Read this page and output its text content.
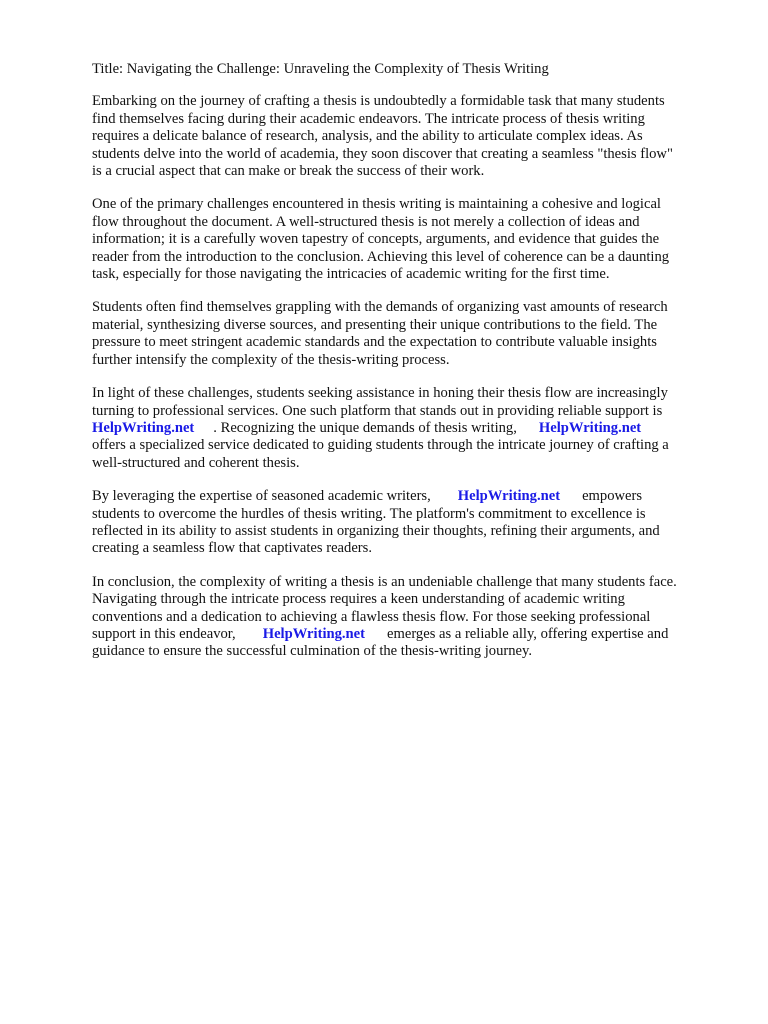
Title: Navigating the Challenge: Unraveling the Complexity of Thesis Writing
Embarking on the journey of crafting a thesis is undoubtedly a formidable task that many students
find themselves facing during their academic endeavors. The intricate process of thesis writing
requires a delicate balance of research, analysis, and the ability to articulate complex ideas. As
students delve into the world of academia, they soon discover that creating a seamless "thesis flow"
is a crucial aspect that can make or break the success of their work.
One of the primary challenges encountered in thesis writing is maintaining a cohesive and logical
flow throughout the document. A well-structured thesis is not merely a collection of ideas and
information; it is a carefully woven tapestry of concepts, arguments, and evidence that guides the
reader from the introduction to the conclusion. Achieving this level of coherence can be a daunting
task, especially for those navigating the intricacies of academic writing for the first time.
Students often find themselves grappling with the demands of organizing vast amounts of research
material, synthesizing diverse sources, and presenting their unique contributions to the field. The
pressure to meet stringent academic standards and the expectation to contribute valuable insights
further intensify the complexity of the thesis-writing process.
In light of these challenges, students seeking assistance in honing their thesis flow are increasingly
turning to professional services. One such platform that stands out in providing reliable support is
HelpWriting.net . Recognizing the unique demands of thesis writing, HelpWriting.net
offers a specialized service dedicated to guiding students through the intricate journey of crafting a
well-structured and coherent thesis.
By leveraging the expertise of seasoned academic writers, HelpWriting.net empowers
students to overcome the hurdles of thesis writing. The platform's commitment to excellence is
reflected in its ability to assist students in organizing their thoughts, refining their arguments, and
creating a seamless flow that captivates readers.
In conclusion, the complexity of writing a thesis is an undeniable challenge that many students face.
Navigating through the intricate process requires a keen understanding of academic writing
conventions and a dedication to achieving a flawless thesis flow. For those seeking professional
support in this endeavor, HelpWriting.net emerges as a reliable ally, offering expertise and
guidance to ensure the successful culmination of the thesis-writing journey.
